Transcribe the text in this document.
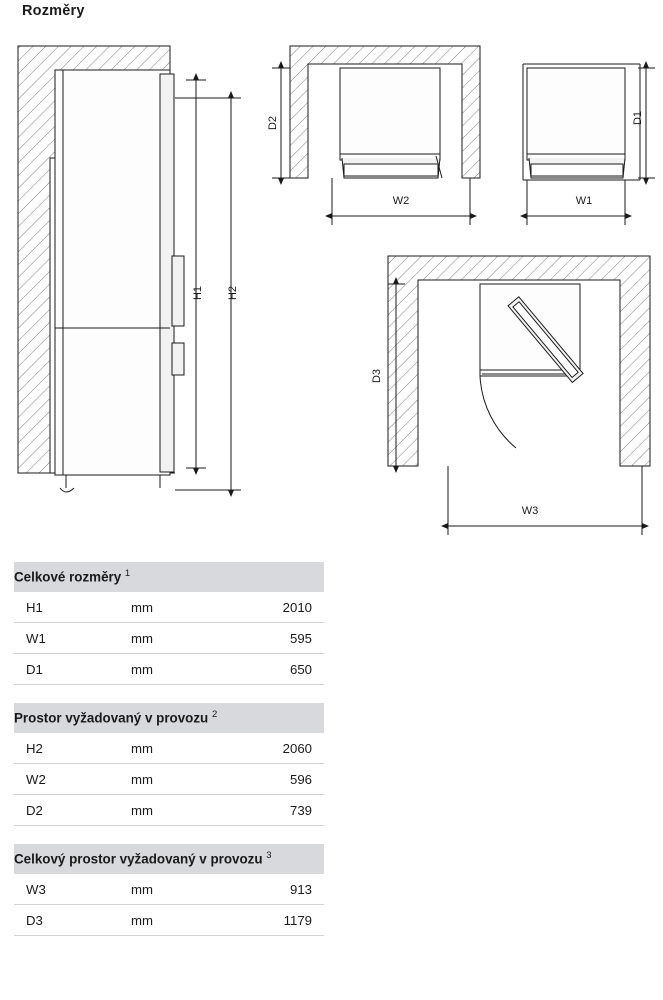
Rozměry
H1 H2
D2
W2
D1
W1
D3
W3
Celkové rozměry $^1$
H1	mm	2010
W1	mm	595
D1	mm	650
Prostor vyžadovaný v provozu $^2$
H2	mm	2060
W2	mm	596
D2	mm	739
Celkový prostor vyžadovaný v provozu $^3$
W3	mm	913
D3	mm	1179
